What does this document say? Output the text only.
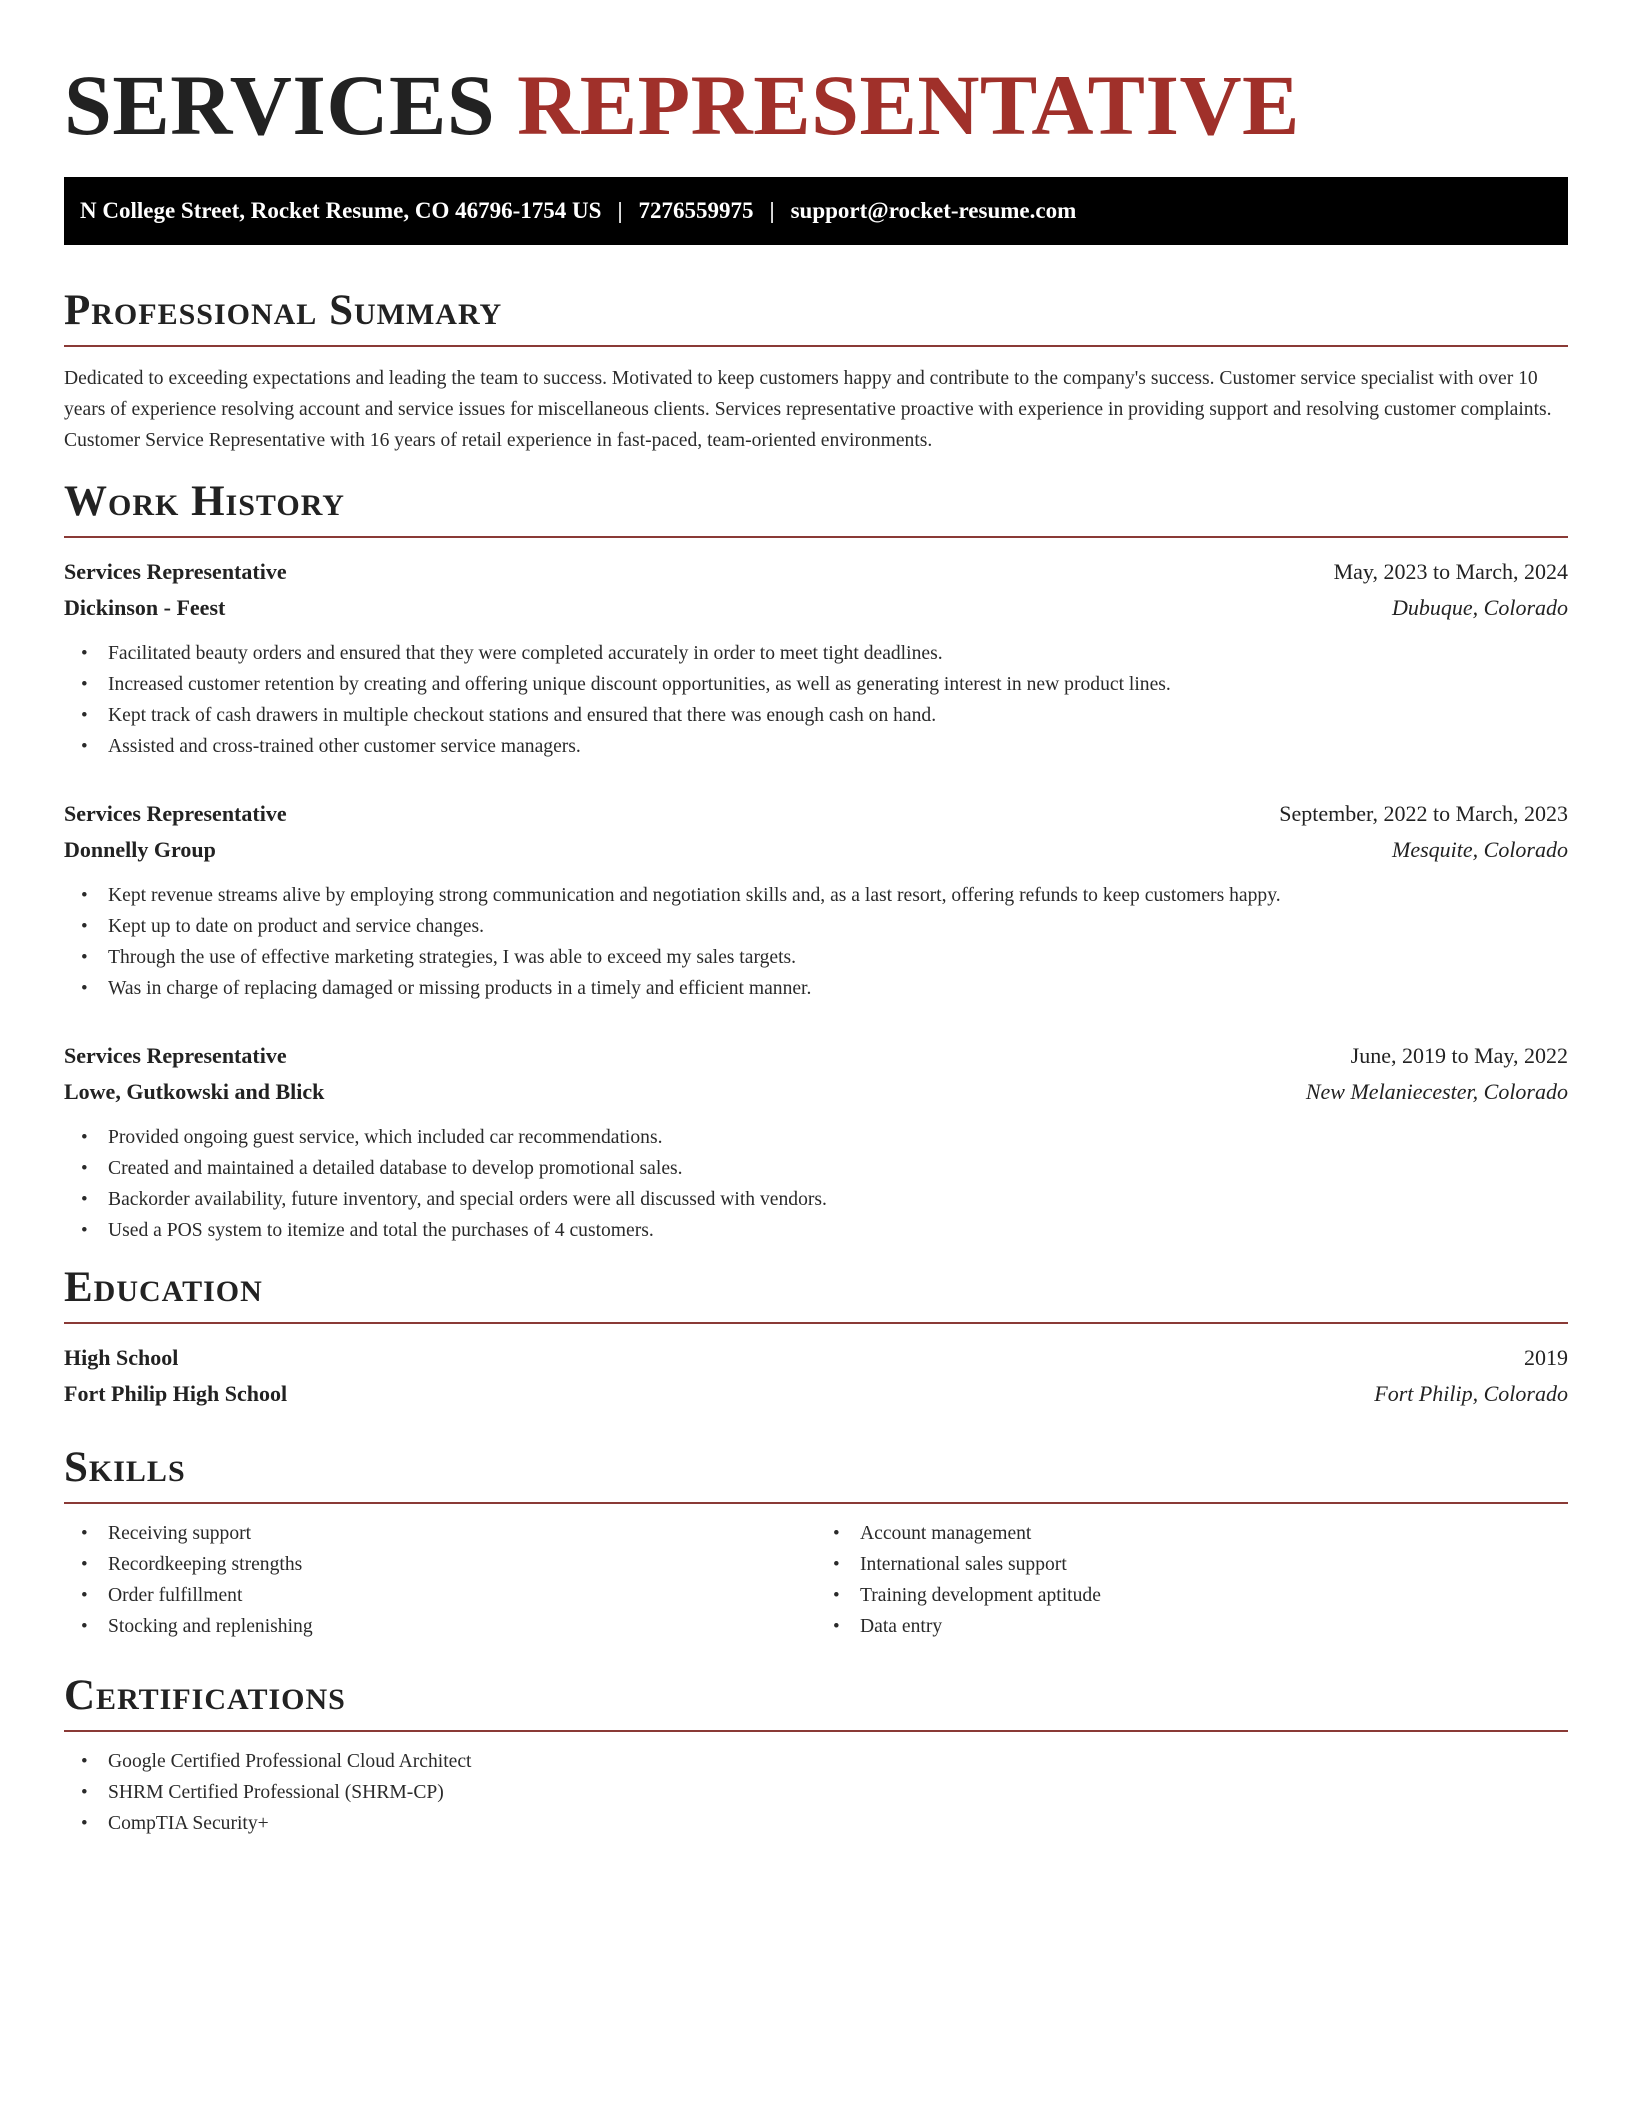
SERVICES REPRESENTATIVE
N College Street, Rocket Resume, CO 46796-1754 US | 7276559975 | support@rocket-resume.com
Professional Summary

Dedicated to exceeding expectations and leading the team to success. Motivated to keep customers happy and contribute to the company's success. Customer service specialist with over 10 years of experience resolving account and service issues for miscellaneous clients. Services representative proactive with experience in providing support and resolving customer complaints. Customer Service Representative with 16 years of retail experience in fast-paced, team-oriented environments.

Work History
Services Representative	May, 2023 to March, 2024
Dickinson - Feest	Dubuque, Colorado
• Facilitated beauty orders and ensured that they were completed accurately in order to meet tight deadlines.
• Increased customer retention by creating and offering unique discount opportunities, as well as generating interest in new product lines.
• Kept track of cash drawers in multiple checkout stations and ensured that there was enough cash on hand.
• Assisted and cross-trained other customer service managers.
Services Representative	September, 2022 to March, 2023
Donnelly Group	Mesquite, Colorado
• Kept revenue streams alive by employing strong communication and negotiation skills and, as a last resort, offering refunds to keep customers happy.
• Kept up to date on product and service changes.
• Through the use of effective marketing strategies, I was able to exceed my sales targets.
• Was in charge of replacing damaged or missing products in a timely and efficient manner.
Services Representative	June, 2019 to May, 2022
Lowe, Gutkowski and Blick	New Melaniecester, Colorado
• Provided ongoing guest service, which included car recommendations.
• Created and maintained a detailed database to develop promotional sales.
• Backorder availability, future inventory, and special orders were all discussed with vendors.
• Used a POS system to itemize and total the purchases of 4 customers.
Education
High School	2019
Fort Philip High School	Fort Philip, Colorado
Skills
• Receiving support
• Recordkeeping strengths
• Order fulfillment
• Stocking and replenishing
• Account management
• International sales support
• Training development aptitude
• Data entry
Certifications
• Google Certified Professional Cloud Architect
• SHRM Certified Professional (SHRM-CP)
• CompTIA Security+
